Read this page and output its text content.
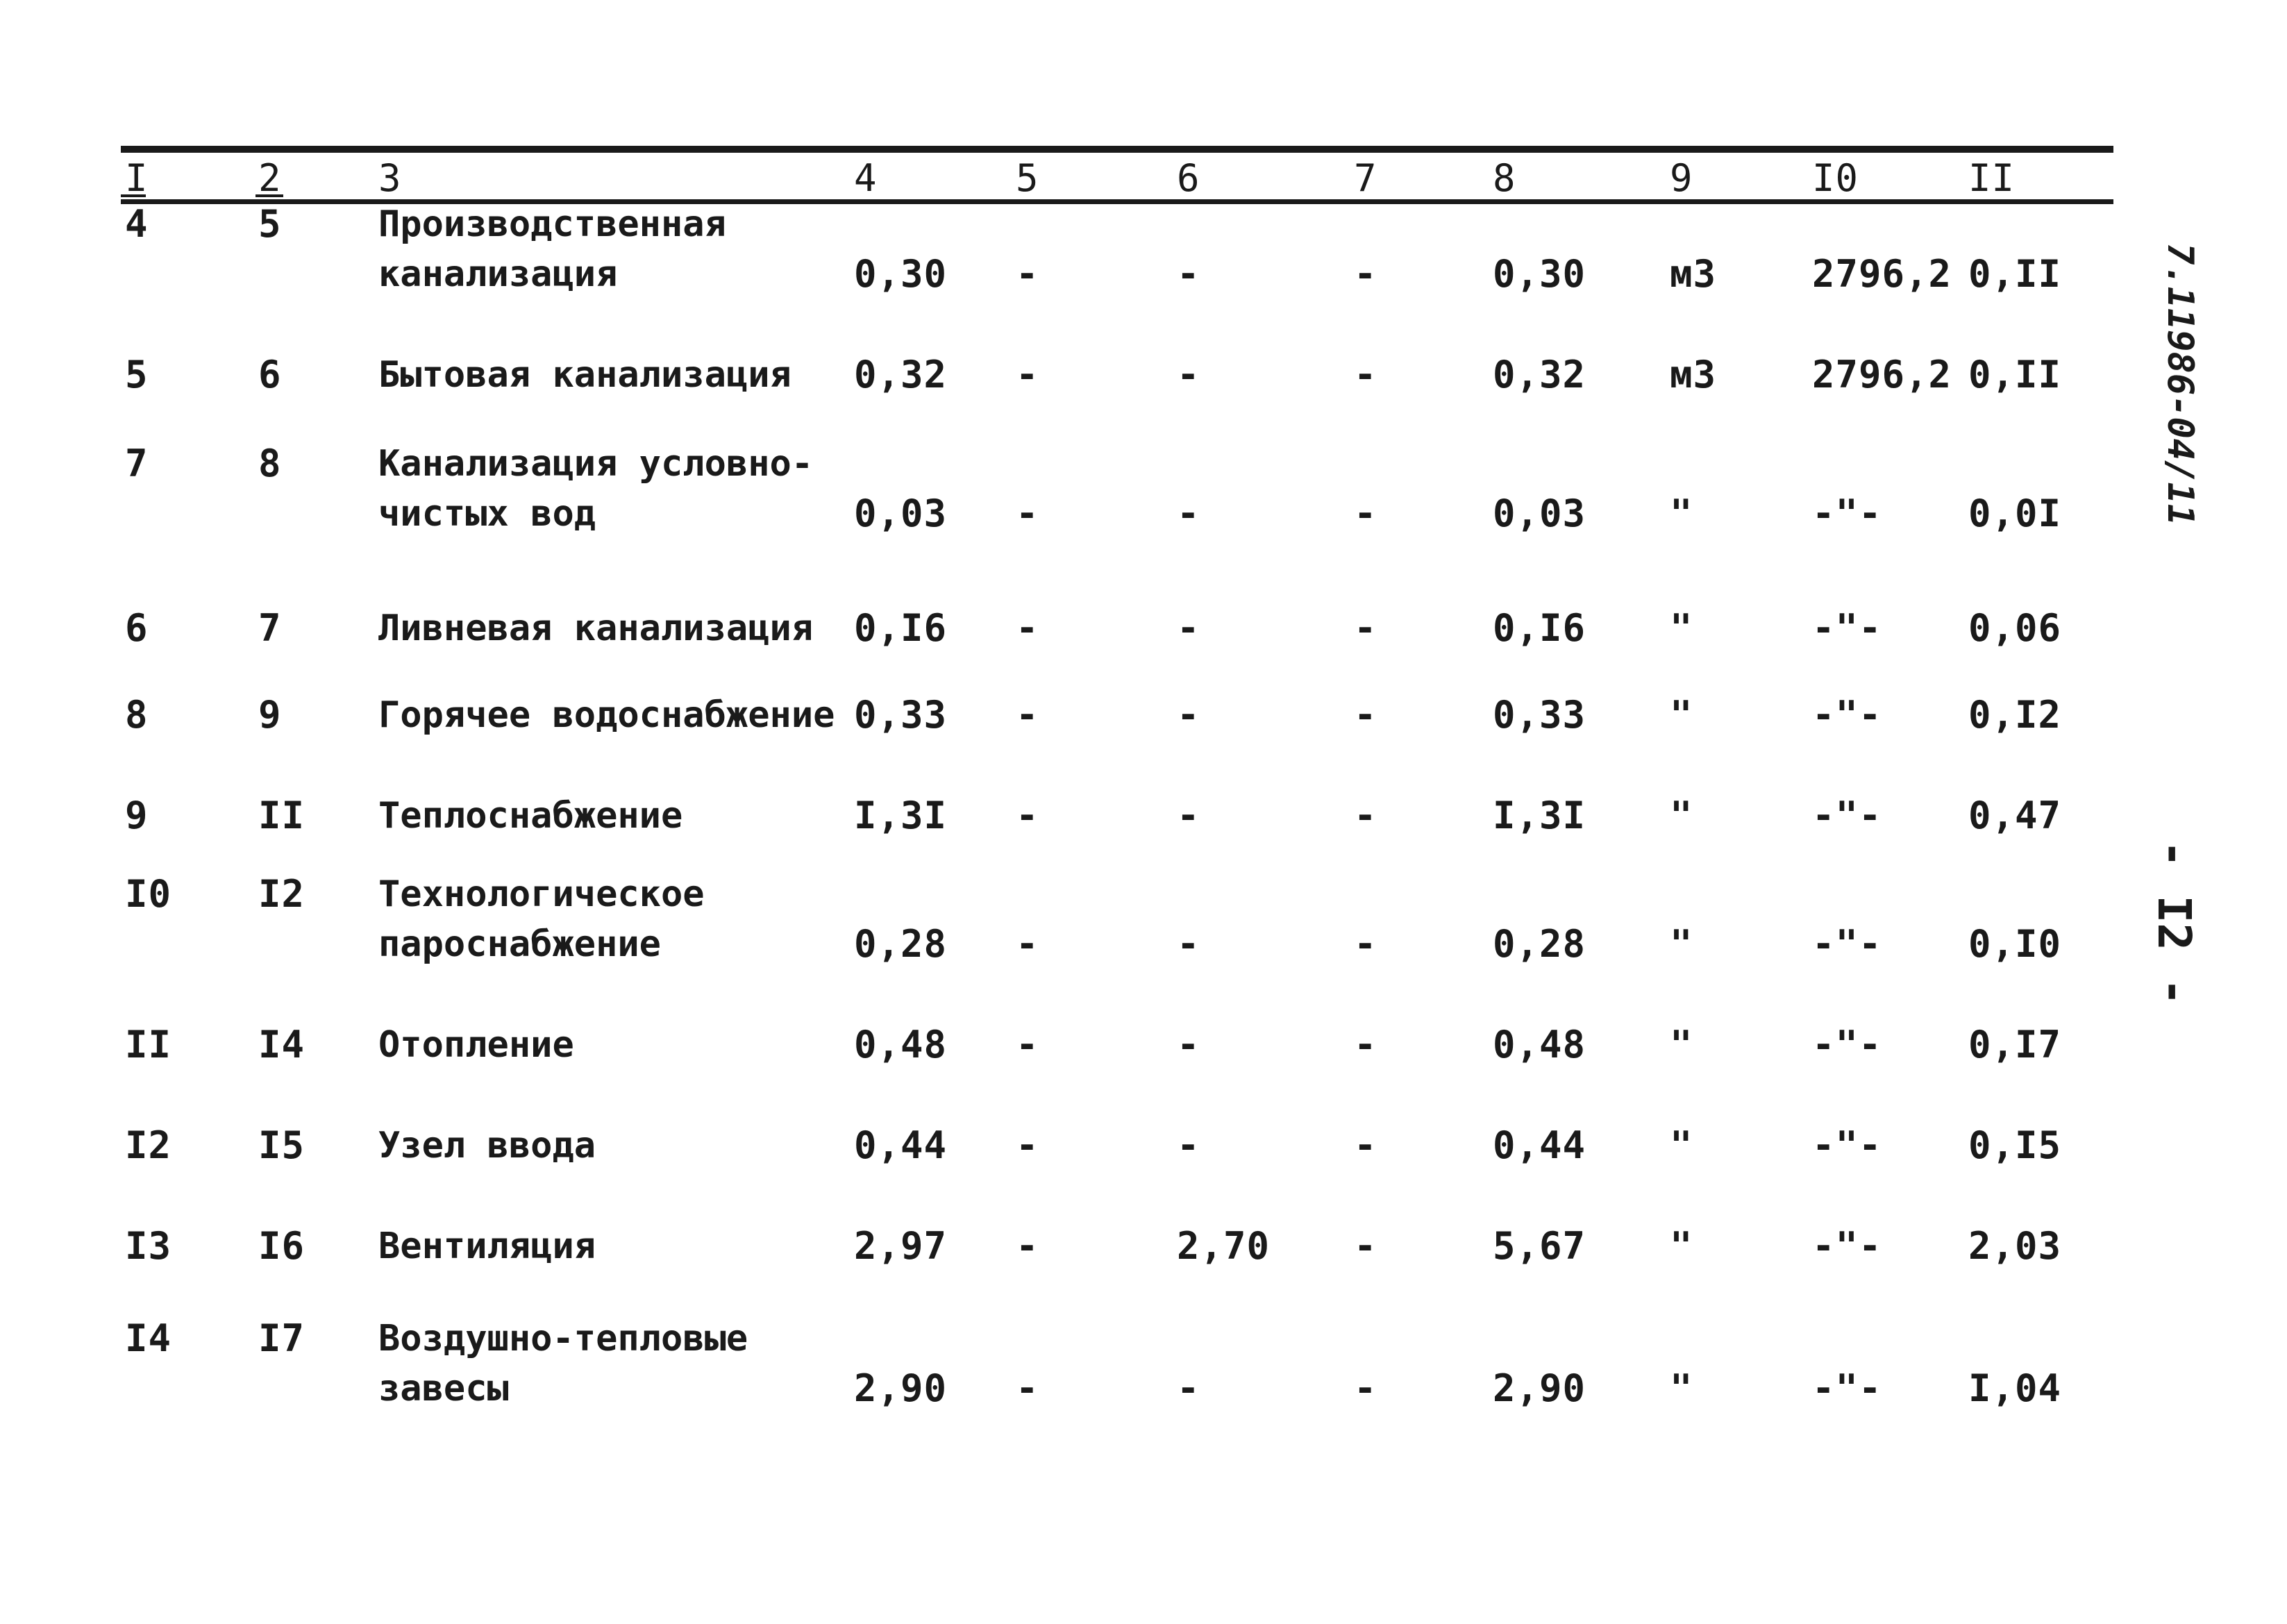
I	2	3	4	5	6	7	8	9	I0	II
4	5	Производственная
канализация	0,30 -	-	-	0,30 м3	2796,2 0,II
5	6	Бытовая канализация 0,32 -	-	-	0,32 м3	2796,2 0,II
7	8	Канализация условно-
чистых вод	0,03 -	-	-	0,03 "	-"- 0,0I
6	7	Ливневая канализация 0,I6 -	-	-	0,I6 "	-"- 0,06
8	9	Горячее водоснабжение 0,33 -	-	-	0,33 "	-"- 0,I2
9	II Теплоснабжение	I,3I -	-	-	I,3I "	-"- 0,47
I0 I2 Технологическое
пароснабжение	0,28 -	-	-	0,28 "	-"- 0,I0
II I4 Отопление	0,48 -	-	-	0,48 "	-"- 0,I7
I2 I5 Узел ввода	0,44 -	-	-	0,44 "	-"- 0,I5
I3 I6 Вентиляция	2,97 -	2,70 -	5,67 "	-"- 2,03
I4 I7 Воздушно-тепловые
завесы	2,90 -	-	-	2,90 "	-"- I,04
7.11986-04/11
- I2 -
